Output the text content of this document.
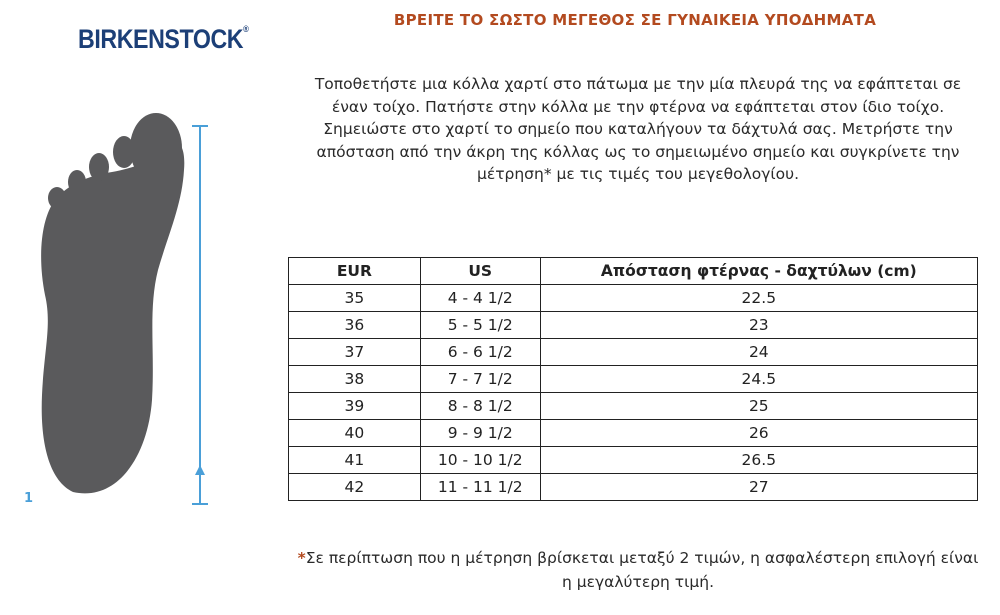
BIRKENSTOCK®	ΒΡΕΙΤΕ ΤΟ ΣΩΣΤΟ ΜΕΓΕΘΟΣ ΣΕ ΓΥΝΑΙΚΕΙΑ ΥΠΟΔΗΜΑΤΑ
1
Τοποθετήστε μια κόλλα χαρτί στο πάτωμα με την μία πλευρά της να εφάπτεται σε έναν τοίχο. Πατήστε στην κόλλα με την φτέρνα να εφάπτεται στον ίδιο τοίχο. Σημειώστε στο χαρτί το σημείο που καταλήγουν τα δάχτυλά σας. Μετρήστε την απόσταση από την άκρη της κόλλας ως το σημειωμένο σημείο και συγκρίνετε την μέτρηση* με τις τιμές του μεγεθολογίου.
EUR	US	Απόσταση φτέρνας - δαχτύλων (cm)
35	4 - 4 1/2	22.5
36	5 - 5 1/2	23
37	6 - 6 1/2	24
38	7 - 7 1/2	24.5
39	8 - 8 1/2	25
40	9 - 9 1/2	26
41	10 - 10 1/2	26.5
42	11 - 11 1/2	27
*Σε περίπτωση που η μέτρηση βρίσκεται μεταξύ 2 τιμών, η ασφαλέστερη επιλογή είναι η μεγαλύτερη τιμή.
